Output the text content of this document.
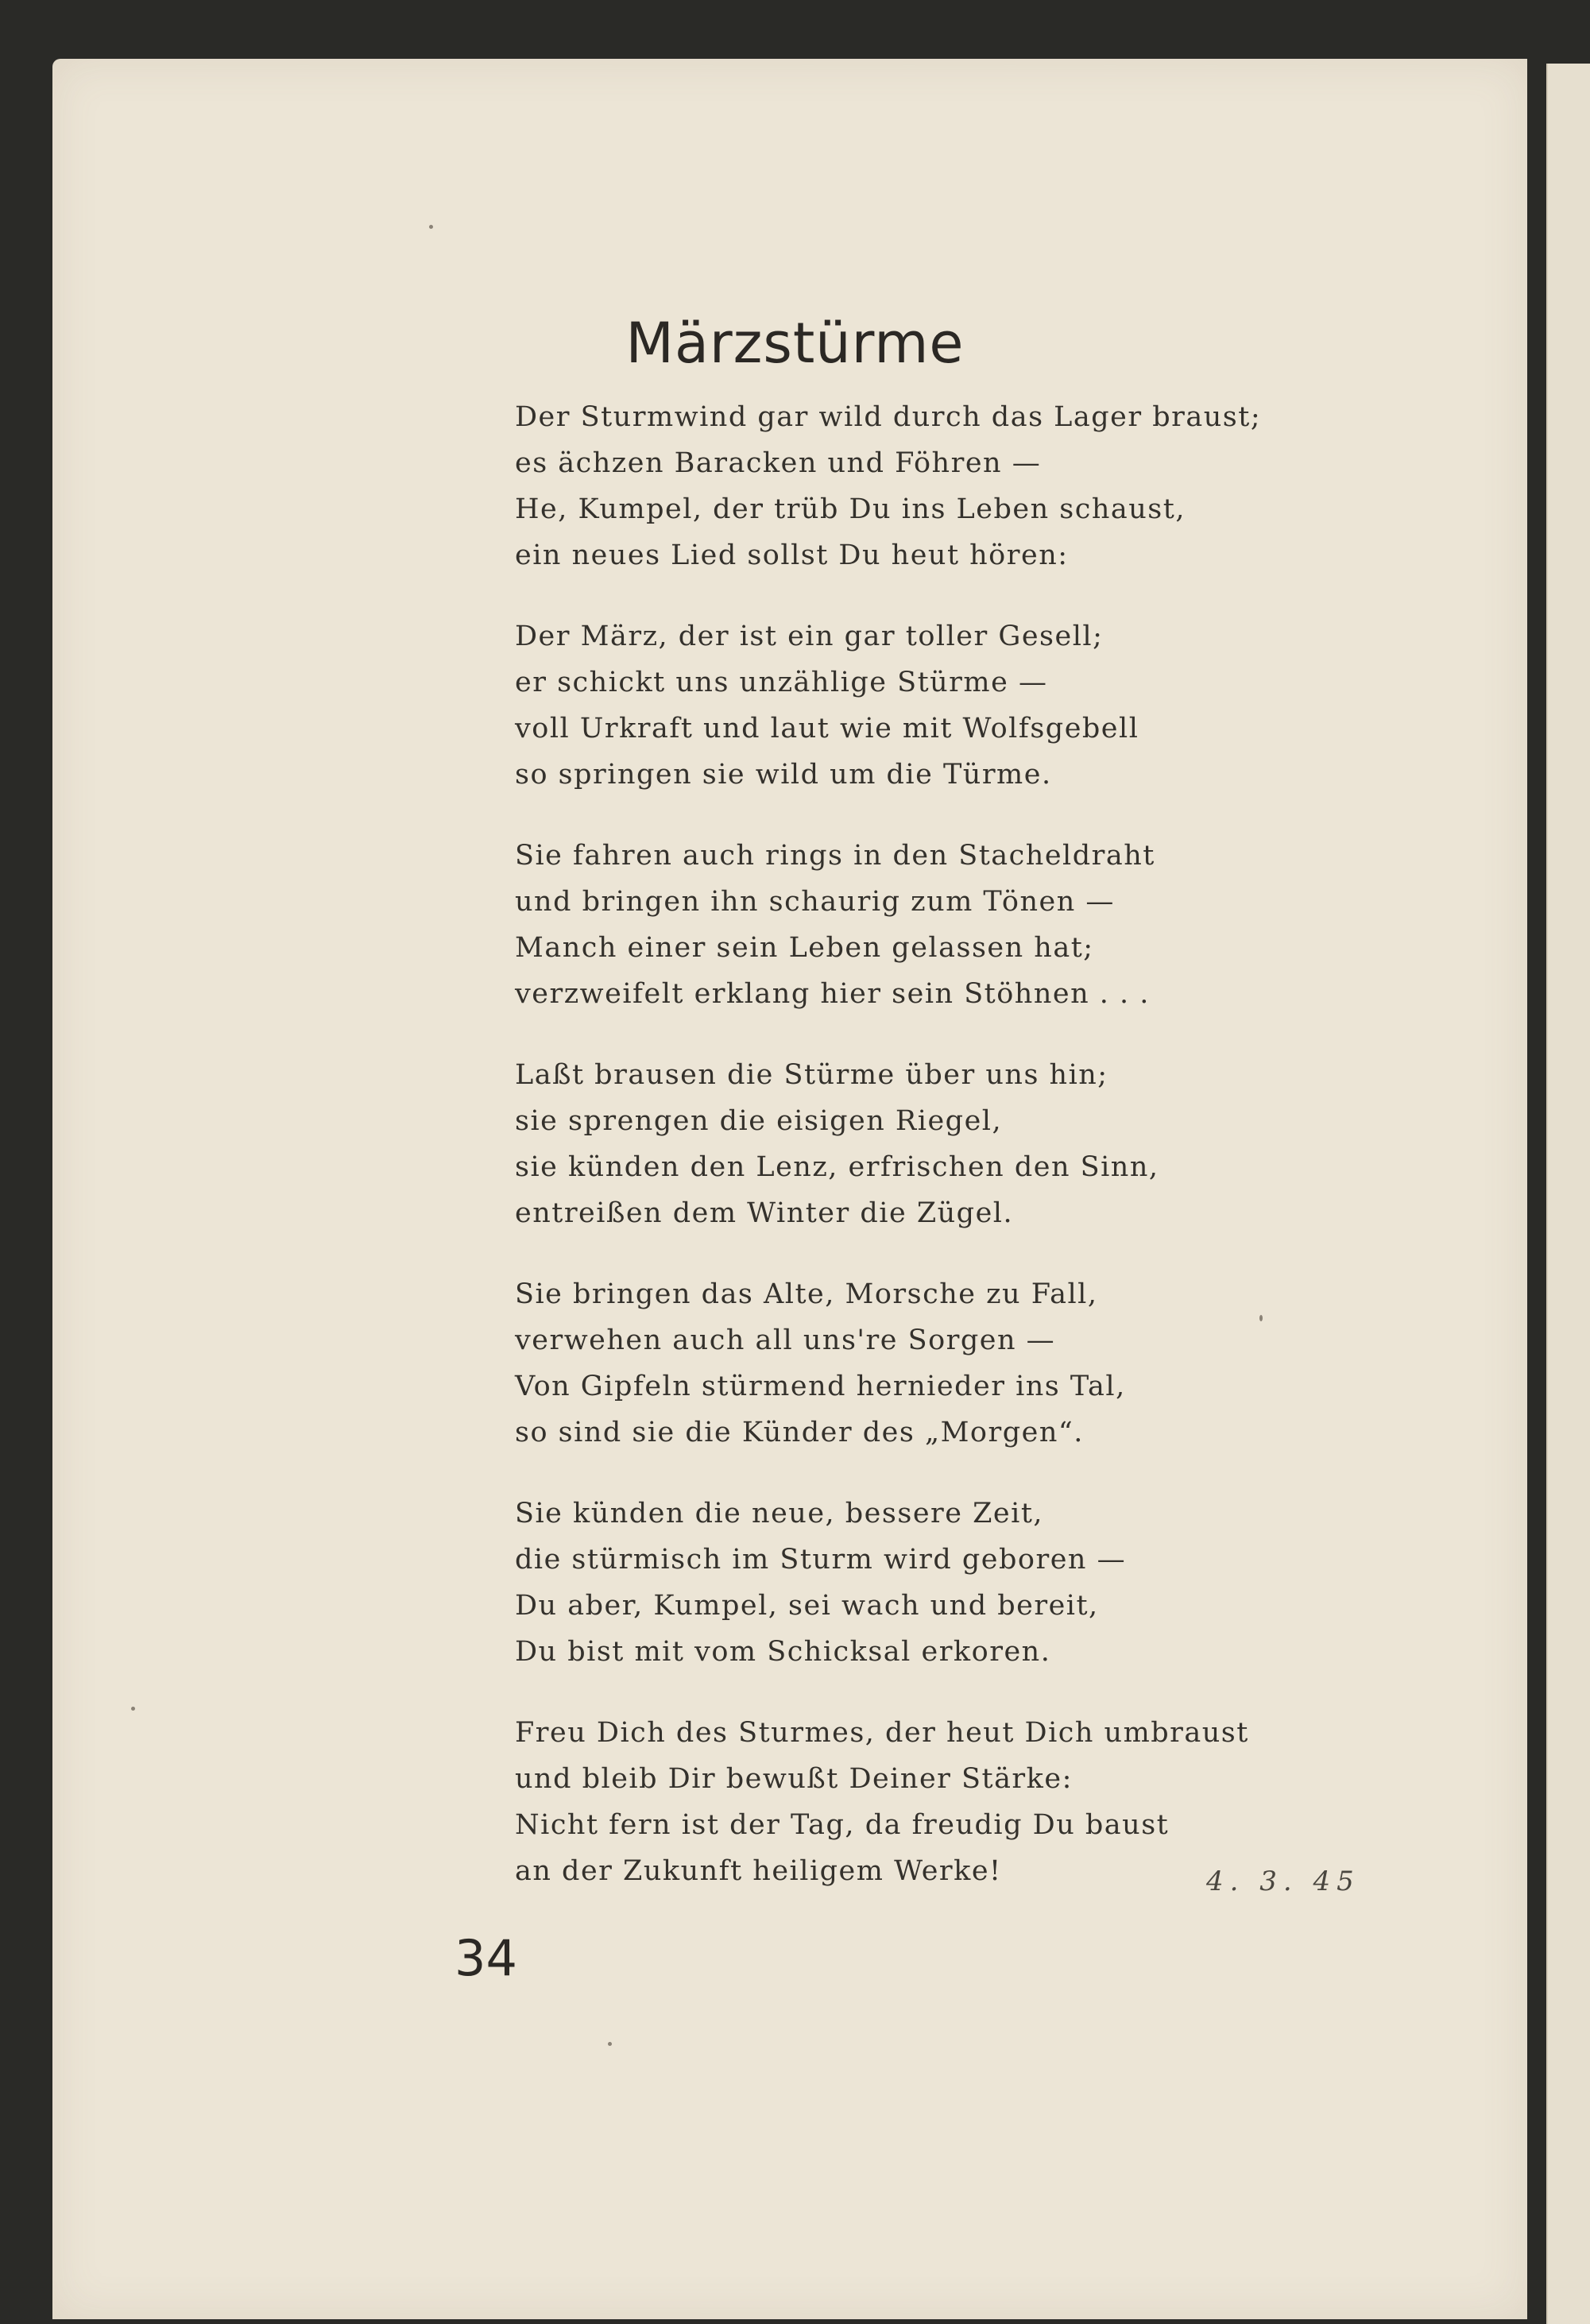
Märzstürme
Der Sturmwind gar wild durch das Lager braust;
es ächzen Baracken und Föhren —
He, Kumpel, der trüb Du ins Leben schaust,
ein neues Lied sollst Du heut hören:
Der März, der ist ein gar toller Gesell;
er schickt uns unzählige Stürme —
voll Urkraft und laut wie mit Wolfsgebell
so springen sie wild um die Türme.
Sie fahren auch rings in den Stacheldraht
und bringen ihn schaurig zum Tönen —
Manch einer sein Leben gelassen hat;
verzweifelt erklang hier sein Stöhnen . . .
Laßt brausen die Stürme über uns hin;
sie sprengen die eisigen Riegel,
sie künden den Lenz, erfrischen den Sinn,
entreißen dem Winter die Zügel.
Sie bringen das Alte, Morsche zu Fall,
verwehen auch all uns're Sorgen —
Von Gipfeln stürmend hernieder ins Tal,
so sind sie die Künder des „Morgen“.
Sie künden die neue, bessere Zeit,
die stürmisch im Sturm wird geboren —
Du aber, Kumpel, sei wach und bereit,
Du bist mit vom Schicksal erkoren.
Freu Dich des Sturmes, der heut Dich umbraust
und bleib Dir bewußt Deiner Stärke:
Nicht fern ist der Tag, da freudig Du baust
an der Zukunft heiligem Werke!	4. 3. 45
34
